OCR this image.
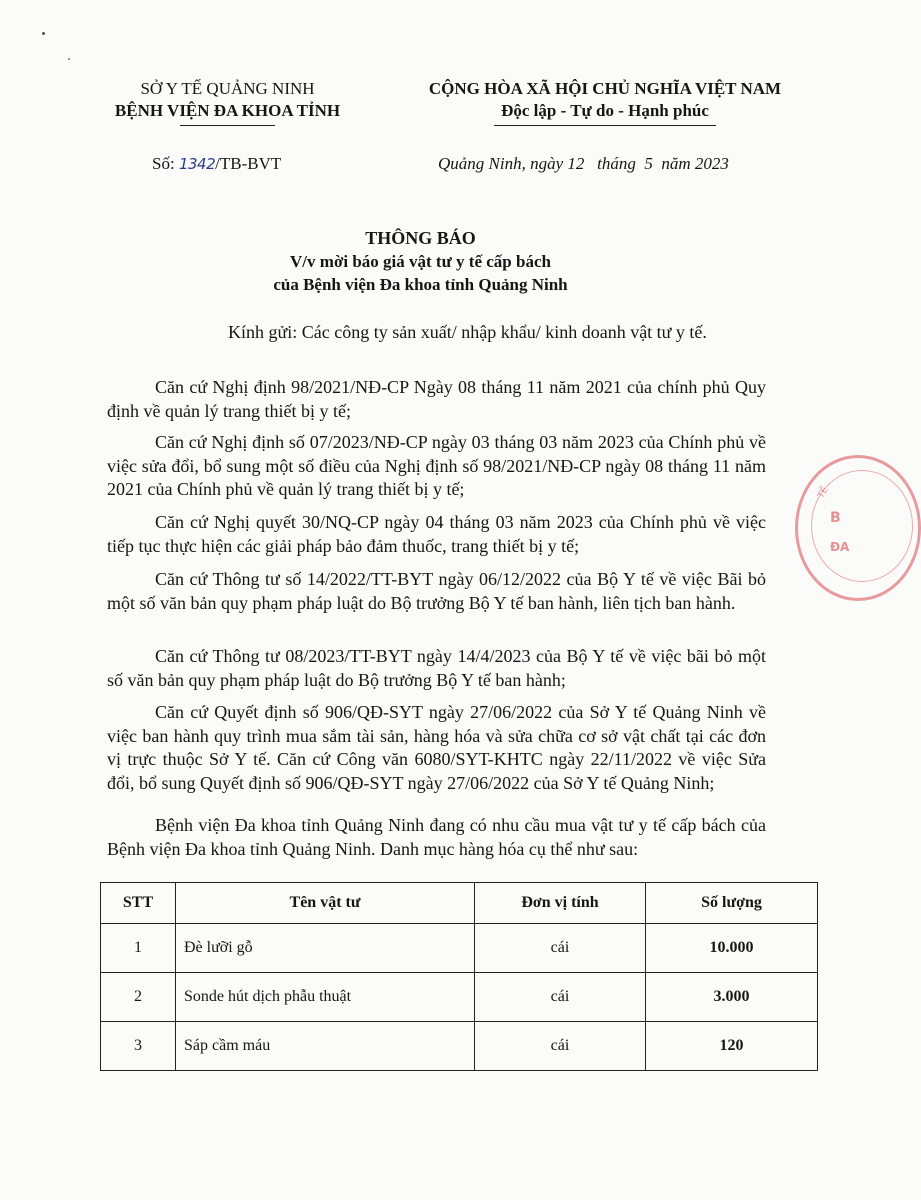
SỞ Y TẾ QUẢNG NINH
BỆNH VIỆN ĐA KHOA TỈNH
CỘNG HÒA XÃ HỘI CHỦ NGHĨA VIỆT NAM
Độc lập - Tự do - Hạnh phúc
Số: 1342/TB-BVT	Quảng Ninh, ngày 12   tháng  5  năm 2023
THÔNG BÁO
V/v mời báo giá vật tư y tế cấp bách
của Bệnh viện Đa khoa tỉnh Quảng Ninh
Kính gửi: Các công ty sản xuất/ nhập khẩu/ kinh doanh vật tư y tế.
Căn cứ Nghị định 98/2021/NĐ-CP Ngày 08 tháng 11 năm 2021 của chính phủ Quy định về quản lý trang thiết bị y tế;
Căn cứ Nghị định số 07/2023/NĐ-CP ngày 03 tháng 03 năm 2023 của Chính phủ về việc sửa đổi, bổ sung một số điều của Nghị định số 98/2021/NĐ-CP ngày 08 tháng 11 năm 2021 của Chính phủ về quản lý trang thiết bị y tế;
Căn cứ Nghị quyết 30/NQ-CP ngày 04 tháng 03 năm 2023 của Chính phủ về việc tiếp tục thực hiện các giải pháp bảo đảm thuốc, trang thiết bị y tế;
Căn cứ Thông tư số 14/2022/TT-BYT ngày 06/12/2022 của Bộ Y tế về việc Bãi bỏ một số văn bản quy phạm pháp luật do Bộ trưởng Bộ Y tế ban hành, liên tịch ban hành.
Căn cứ Thông tư 08/2023/TT-BYT ngày 14/4/2023 của Bộ Y tế về việc bãi bỏ một số văn bản quy phạm pháp luật do Bộ trưởng Bộ Y tế ban hành;
Căn cứ Quyết định số 906/QĐ-SYT ngày 27/06/2022 của Sở Y tế Quảng Ninh về việc ban hành quy trình mua sắm tài sản, hàng hóa và sửa chữa cơ sở vật chất tại các đơn vị trực thuộc Sở Y tế. Căn cứ Công văn 6080/SYT-KHTC ngày 22/11/2022 về việc Sửa đổi, bổ sung Quyết định số 906/QĐ-SYT ngày 27/06/2022 của Sở Y tế Quảng Ninh;
Bệnh viện Đa khoa tỉnh Quảng Ninh đang có nhu cầu mua vật tư y tế cấp bách của Bệnh viện Đa khoa tỉnh Quảng Ninh. Danh mục hàng hóa cụ thể như sau:
STT	Tên vật tư	Đơn vị tính	Số lượng
1	Đè lưỡi gỗ	cái	10.000
2	Sonde hút dịch phẫu thuật	cái	3.000
3	Sáp cầm máu	cái	120
TẾ
B
ĐA
